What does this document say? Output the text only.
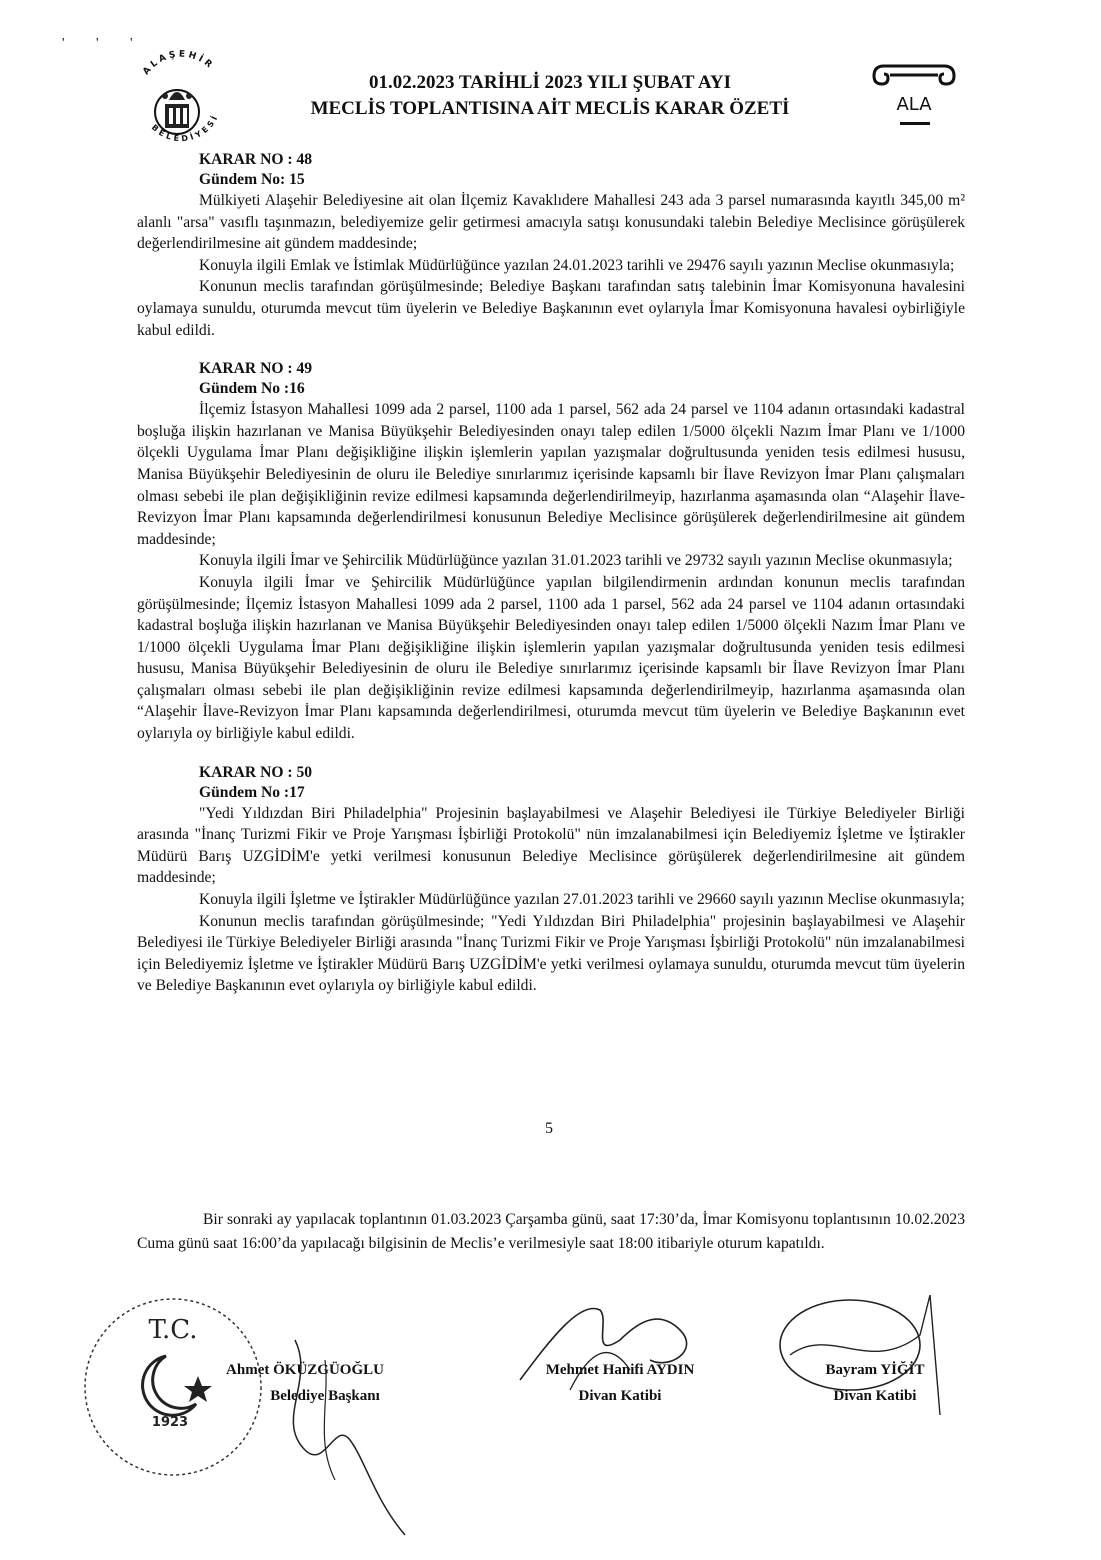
' ' '
ALAŞEHİR
BELEDİYESİ
01.02.2023 TARİHLİ 2023 YILI ŞUBAT AYI
MECLİS TOPLANTISINA AİT MECLİS KARAR ÖZETİ	ALA
KARAR NO : 48
Gündem No: 15

Mülkiyeti Alaşehir Belediyesine ait olan İlçemiz Kavaklıdere Mahallesi 243 ada 3 parsel numarasında kayıtlı 345,00 m² alanlı "arsa" vasıflı taşınmazın, belediyemize gelir getirmesi amacıyla satışı konusundaki talebin Belediye Meclisince görüşülerek değerlendirilmesine ait gündem maddesinde;

Konuyla ilgili Emlak ve İstimlak Müdürlüğünce yazılan 24.01.2023 tarihli ve 29476 sayılı yazının Meclise okunmasıyla;

Konunun meclis tarafından görüşülmesinde; Belediye Başkanı tarafından satış talebinin İmar Komisyonuna havalesini oylamaya sunuldu, oturumda mevcut tüm üyelerin ve Belediye Başkanının evet oylarıyla İmar Komisyonuna havalesi oybirliğiyle kabul edildi.

KARAR NO : 49
Gündem No :16

İlçemiz İstasyon Mahallesi 1099 ada 2 parsel, 1100 ada 1 parsel, 562 ada 24 parsel ve 1104 adanın ortasındaki kadastral boşluğa ilişkin hazırlanan ve Manisa Büyükşehir Belediyesinden onayı talep edilen 1/5000 ölçekli Nazım İmar Planı ve 1/1000 ölçekli Uygulama İmar Planı değişikliğine ilişkin işlemlerin yapılan yazışmalar doğrultusunda yeniden tesis edilmesi hususu, Manisa Büyükşehir Belediyesinin de oluru ile Belediye sınırlarımız içerisinde kapsamlı bir İlave Revizyon İmar Planı çalışmaları olması sebebi ile plan değişikliğinin revize edilmesi kapsamında değerlendirilmeyip, hazırlanma aşamasında olan “Alaşehir İlave-Revizyon İmar Planı kapsamında değerlendirilmesi konusunun Belediye Meclisince görüşülerek değerlendirilmesine ait gündem maddesinde;

Konuyla ilgili İmar ve Şehircilik Müdürlüğünce yazılan 31.01.2023 tarihli ve 29732 sayılı yazının Meclise okunmasıyla;

Konuyla ilgili İmar ve Şehircilik Müdürlüğünce yapılan bilgilendirmenin ardından konunun meclis tarafından görüşülmesinde; İlçemiz İstasyon Mahallesi 1099 ada 2 parsel, 1100 ada 1 parsel, 562 ada 24 parsel ve 1104 adanın ortasındaki kadastral boşluğa ilişkin hazırlanan ve Manisa Büyükşehir Belediyesinden onayı talep edilen 1/5000 ölçekli Nazım İmar Planı ve 1/1000 ölçekli Uygulama İmar Planı değişikliğine ilişkin işlemlerin yapılan yazışmalar doğrultusunda yeniden tesis edilmesi hususu, Manisa Büyükşehir Belediyesinin de oluru ile Belediye sınırlarımız içerisinde kapsamlı bir İlave Revizyon İmar Planı çalışmaları olması sebebi ile plan değişikliğinin revize edilmesi kapsamında değerlendirilmeyip, hazırlanma aşamasında olan “Alaşehir İlave-Revizyon İmar Planı kapsamında değerlendirilmesi, oturumda mevcut tüm üyelerin ve Belediye Başkanının evet oylarıyla oy birliğiyle kabul edildi.

KARAR NO : 50
Gündem No :17

"Yedi Yıldızdan Biri Philadelphia" Projesinin başlayabilmesi ve Alaşehir Belediyesi ile Türkiye Belediyeler Birliği arasında "İnanç Turizmi Fikir ve Proje Yarışması İşbirliği Protokolü" nün imzalanabilmesi için Belediyemiz İşletme ve İştirakler Müdürü Barış UZGİDİM'e yetki verilmesi konusunun Belediye Meclisince görüşülerek değerlendirilmesine ait gündem maddesinde;

Konuyla ilgili İşletme ve İştirakler Müdürlüğünce yazılan 27.01.2023 tarihli ve 29660 sayılı yazının Meclise okunmasıyla;

Konunun meclis tarafından görüşülmesinde; "Yedi Yıldızdan Biri Philadelphia" projesinin başlayabilmesi ve Alaşehir Belediyesi ile Türkiye Belediyeler Birliği arasında "İnanç Turizmi Fikir ve Proje Yarışması İşbirliği Protokolü" nün imzalanabilmesi için Belediyemiz İşletme ve İştirakler Müdürü Barış UZGİDİM'e yetki verilmesi oylamaya sunuldu, oturumda mevcut tüm üyelerin ve Belediye Başkanının evet oylarıyla oy birliğiyle kabul edildi.

Bir sonraki ay yapılacak toplantının 01.03.2023 Çarşamba günü, saat 17:30’da, İmar Komisyonu toplantısının 10.02.2023 Cuma günü saat 16:00’da yapılacağı bilgisinin de Meclis’e verilmesiyle saat 18:00 itibariyle oturum kapatıldı.
T.C.
1923
Ahmet ÖKÜZGÜOĞLU
Belediye Başkanı
Mehmet Hanifi AYDIN
Divan Katibi
Bayram YİĞİT
Divan Katibi
5
